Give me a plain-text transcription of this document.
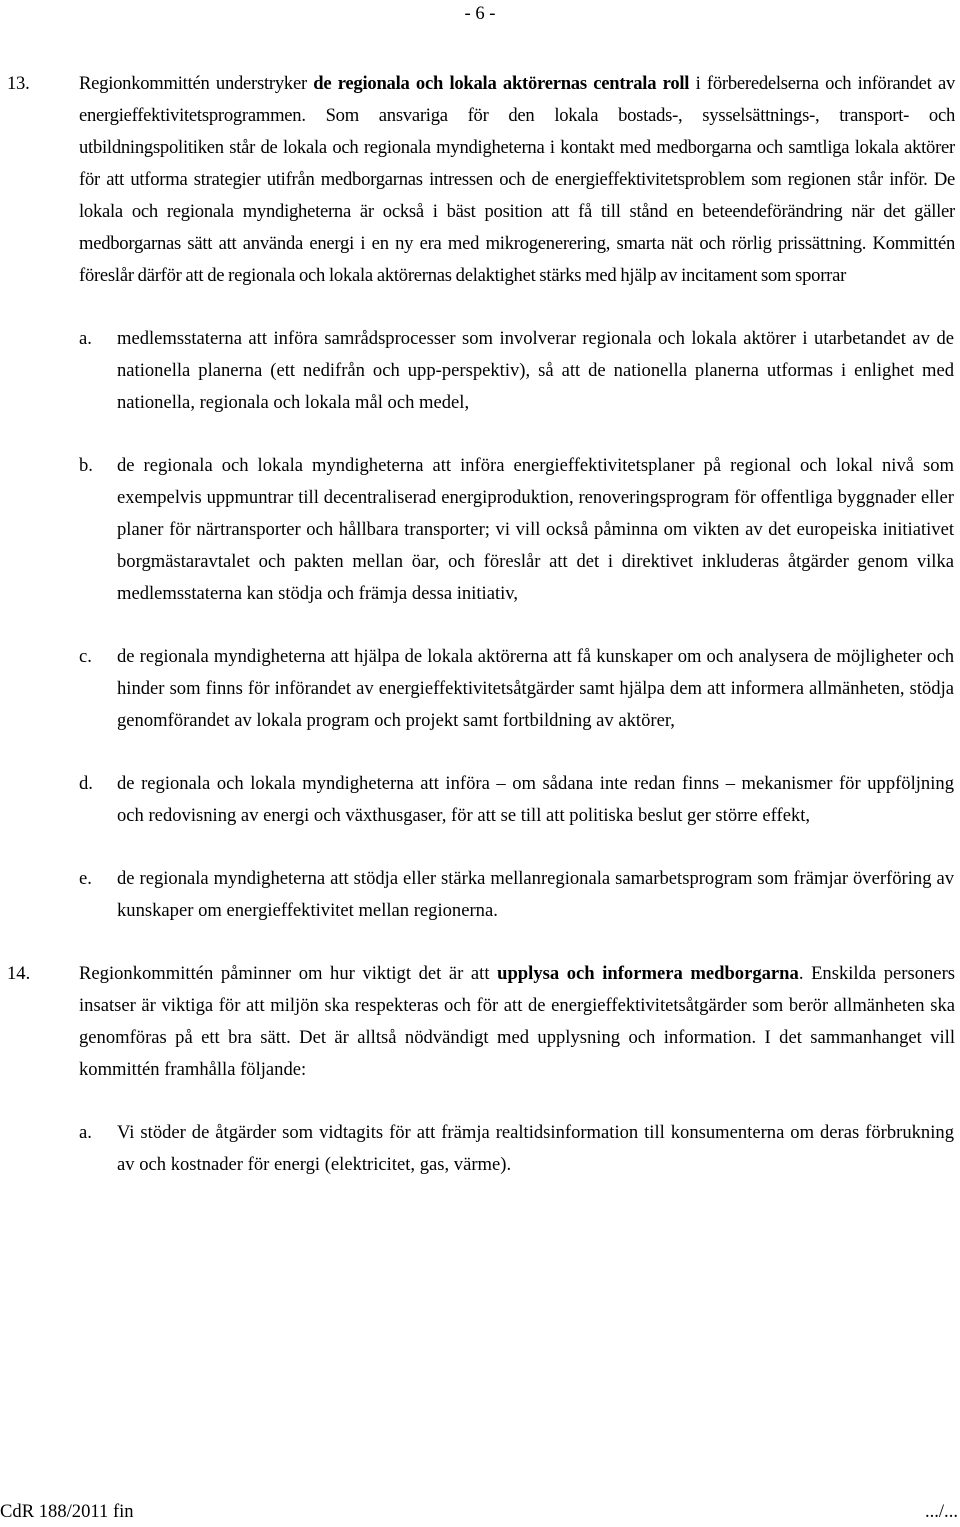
- 6 -
13.	Regionkommittén understryker de regionala och lokala aktörernas centrala roll i förberedelserna och införandet av energieffektivitetsprogrammen. Som ansvariga för den lokala bostads-, sysselsättnings-, transport- och utbildningspolitiken står de lokala och regionala myndigheterna i kontakt med medborgarna och samtliga lokala aktörer för att utforma strategier utifrån medborgarnas intressen och de energieffektivitetsproblem som regionen står inför. De lokala och regionala myndigheterna är också i bäst position att få till stånd en beteendeförändring när det gäller medborgarnas sätt att använda energi i en ny era med mikrogenerering, smarta nät och rörlig prissättning. Kommittén föreslår därför att de regionala och lokala aktörernas delaktighet stärks med hjälp av incitament som sporrar
a. medlemsstaterna att införa samrådsprocesser som involverar regionala och lokala aktörer i utarbetandet av de nationella planerna (ett nedifrån och upp-perspektiv), så att de nationella planerna utformas i enlighet med nationella, regionala och lokala mål och medel,
b. de regionala och lokala myndigheterna att införa energieffektivitetsplaner på regional och lokal nivå som exempelvis uppmuntrar till decentraliserad energiproduktion, renoveringsprogram för offentliga byggnader eller planer för närtransporter och hållbara transporter; vi vill också påminna om vikten av det europeiska initiativet borgmästaravtalet och pakten mellan öar, och föreslår att det i direktivet inkluderas åtgärder genom vilka medlemsstaterna kan stödja och främja dessa initiativ,
c. de regionala myndigheterna att hjälpa de lokala aktörerna att få kunskaper om och analysera de möjligheter och hinder som finns för införandet av energieffektivitetsåtgärder samt hjälpa dem att informera allmänheten, stödja genomförandet av lokala program och projekt samt fortbildning av aktörer,
d. de regionala och lokala myndigheterna att införa – om sådana inte redan finns – mekanismer för uppföljning och redovisning av energi och växthusgaser, för att se till att politiska beslut ger större effekt,
e. de regionala myndigheterna att stödja eller stärka mellanregionala samarbetsprogram som främjar överföring av kunskaper om energieffektivitet mellan regionerna.
14.	Regionkommittén påminner om hur viktigt det är att upplysa och informera medborgarna. Enskilda personers insatser är viktiga för att miljön ska respekteras och för att de energieffektivitetsåtgärder som berör allmänheten ska genomföras på ett bra sätt. Det är alltså nödvändigt med upplysning och information. I det sammanhanget vill kommittén framhålla följande:
a. Vi stöder de åtgärder som vidtagits för att främja realtidsinformation till konsumenterna om deras förbrukning av och kostnader för energi (elektricitet, gas, värme).
CdR 188/2011 fin	.../...
